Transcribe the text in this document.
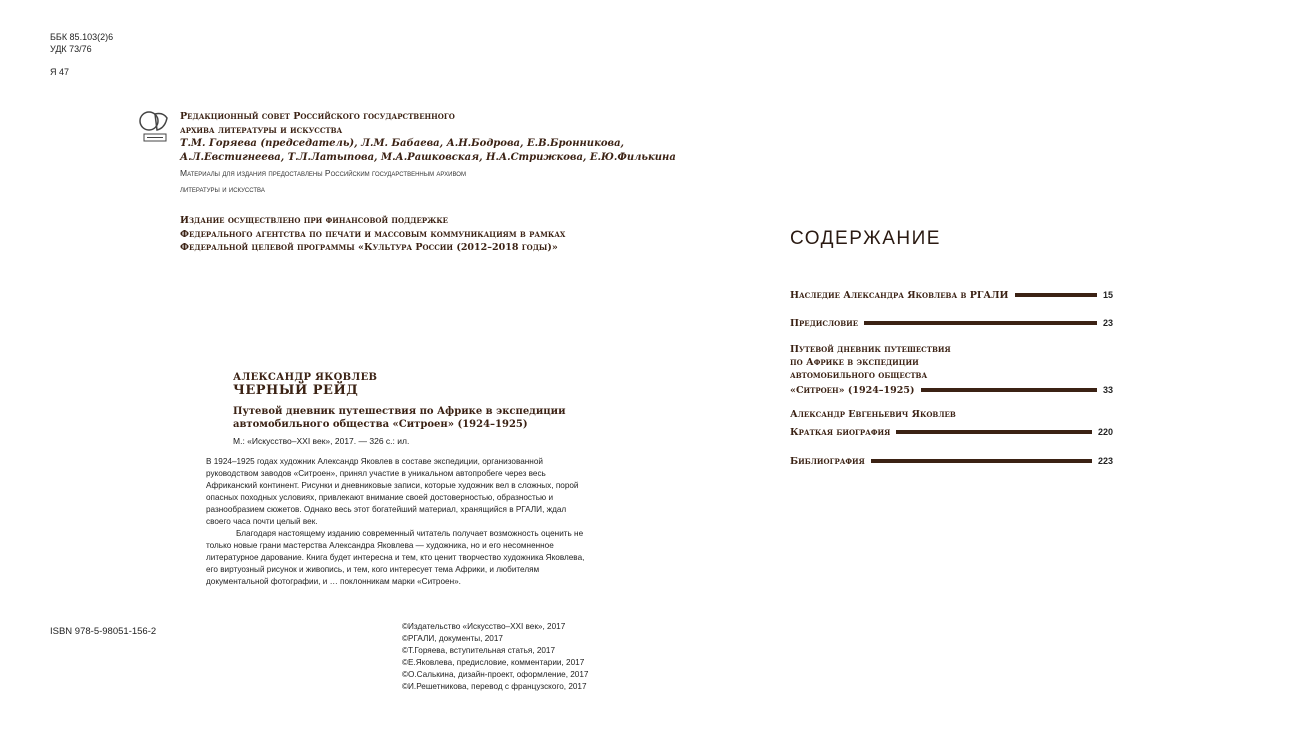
ББК 85.103(2)6
УДК 73/76
Я 47
Редакционный совет Российского государственного
архива литературы и искусства
Т.М. Горяева (председатель), Л.М. Бабаева, А.Н.Бодрова, Е.В.Бронникова,
А.Л.Евстигнеева, Т.Л.Латыпова, М.А.Рашковская, Н.А.Стрижкова, Е.Ю.Филькина
Материалы для издания предоставлены Российским государственным архивом
литературы и искусства
Издание осуществлено при финансовой поддержке
Федерального агентства по печати и массовым коммуникациям в рамках
Федеральной целевой программы «Культура России (2012–2018 годы)»
АЛЕКСАНДР ЯКОВЛЕВ
ЧЕРНЫЙ РЕЙД
Путевой дневник путешествия по Африке в экспедиции
автомобильного общества «Ситроен» (1924–1925)
М.: «Искусство–XXI век», 2017. — 326 с.: ил.

В 1924–1925 годах художник Александр Яковлев в составе экспедиции, организованной руководством заводов «Ситроен», принял участие в уникальном автопробеге через весь Африканский континент. Рисунки и дневниковые записи, которые художник вел в сложных, порой опасных походных условиях, привлекают внимание своей достоверностью, образностью и разнообразием сюжетов. Однако весь этот богатейший материал, хранящийся в РГАЛИ, ждал своего часа почти целый век.

Благодаря настоящему изданию современный читатель получает возможность оценить не только новые грани мастерства Александра Яковлева — художника, но и его несомненное литературное дарование. Книга будет интересна и тем, кто ценит творчество художника Яковлева, его виртуозный рисунок и живопись, и тем, кого интересует тема Африки, и любителям документальной фотографии, и … поклонникам марки «Ситроен».

ISBN 978-5-98051-156-2	©Издательство «Искусство–XXI век», 2017
©РГАЛИ, документы, 2017
©Т.Горяева, вступительная статья, 2017
©Е.Яковлева, предисловие, комментарии, 2017
©О.Салькина, дизайн-проект, оформление, 2017
©И.Решетникова, перевод с французского, 2017
СОДЕРЖАНИЕ
Наследие Александра Яковлева в РГАЛИ	15
Предисловие	23
Путевой дневник путешествия
по Африке в экспедиции
автомобильного общества
«Ситроен» (1924–1925)	33
Александр Евгеньевич Яковлев
Краткая биография	220
Библиография	223
